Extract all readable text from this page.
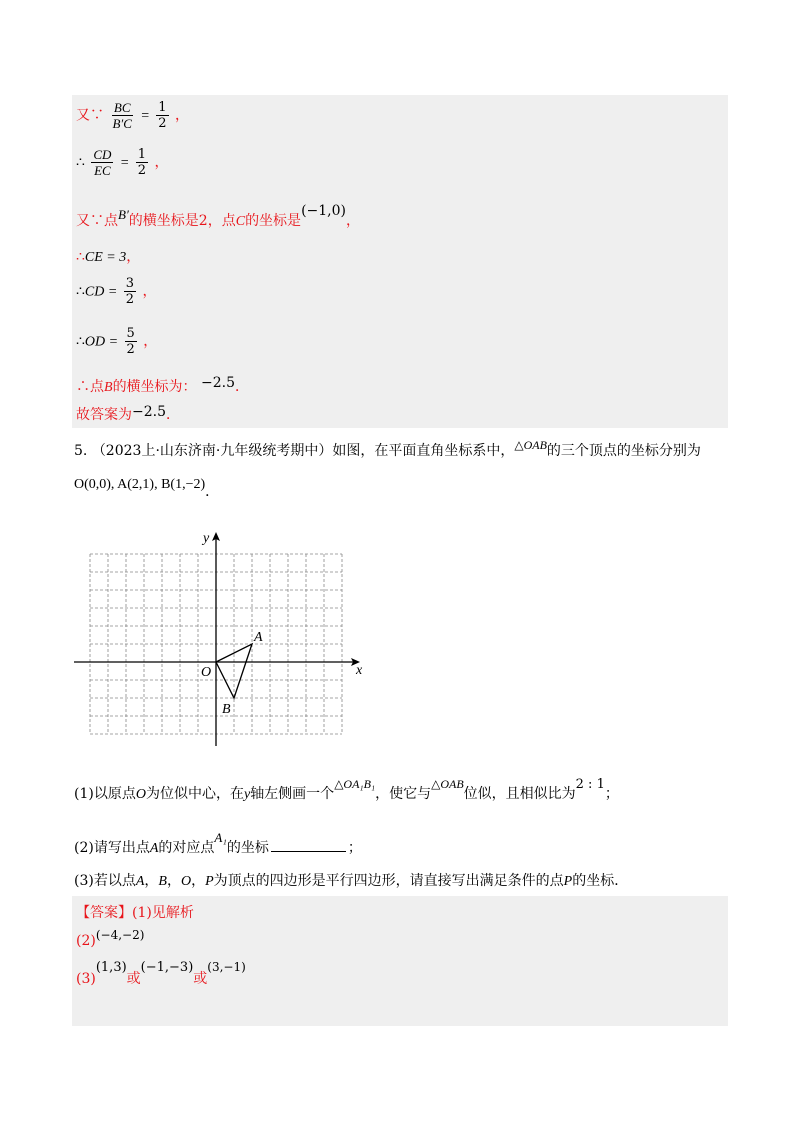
又∵ $\frac{BC}{B'C} = \frac{1}{2}$ ，
∴ $\frac{CD}{EC} = \frac{1}{2}$ ，
又∵点B′的横坐标是2，点C的坐标是(−1,0)，
∴CE = 3，
∴CD = $\frac{3}{2}$ ，
∴OD = $\frac{5}{2}$ ，
∴点B的横坐标为： −2.5．
故答案为−2.5．
5. （2023上·山东济南·九年级统考期中）如图，在平面直角坐标系中，△OAB的三个顶点的坐标分别为
O(0,0), A(2,1), B(1,−2)．
x
y
O
A
B
(1)以原点O为位似中心，在y轴左侧画一个△OA₁B₁，使它与△OAB位似，且相似比为2 : 1；
(2)请写出点A的对应点A₁的坐标	；
(3)若以点A，B，O，P为顶点的四边形是平行四边形，请直接写出满足条件的点P的坐标．
【答案】(1)见解析
(2)(−4,−2)
(3)(1,3)或(−1,−3)或(3,−1)
